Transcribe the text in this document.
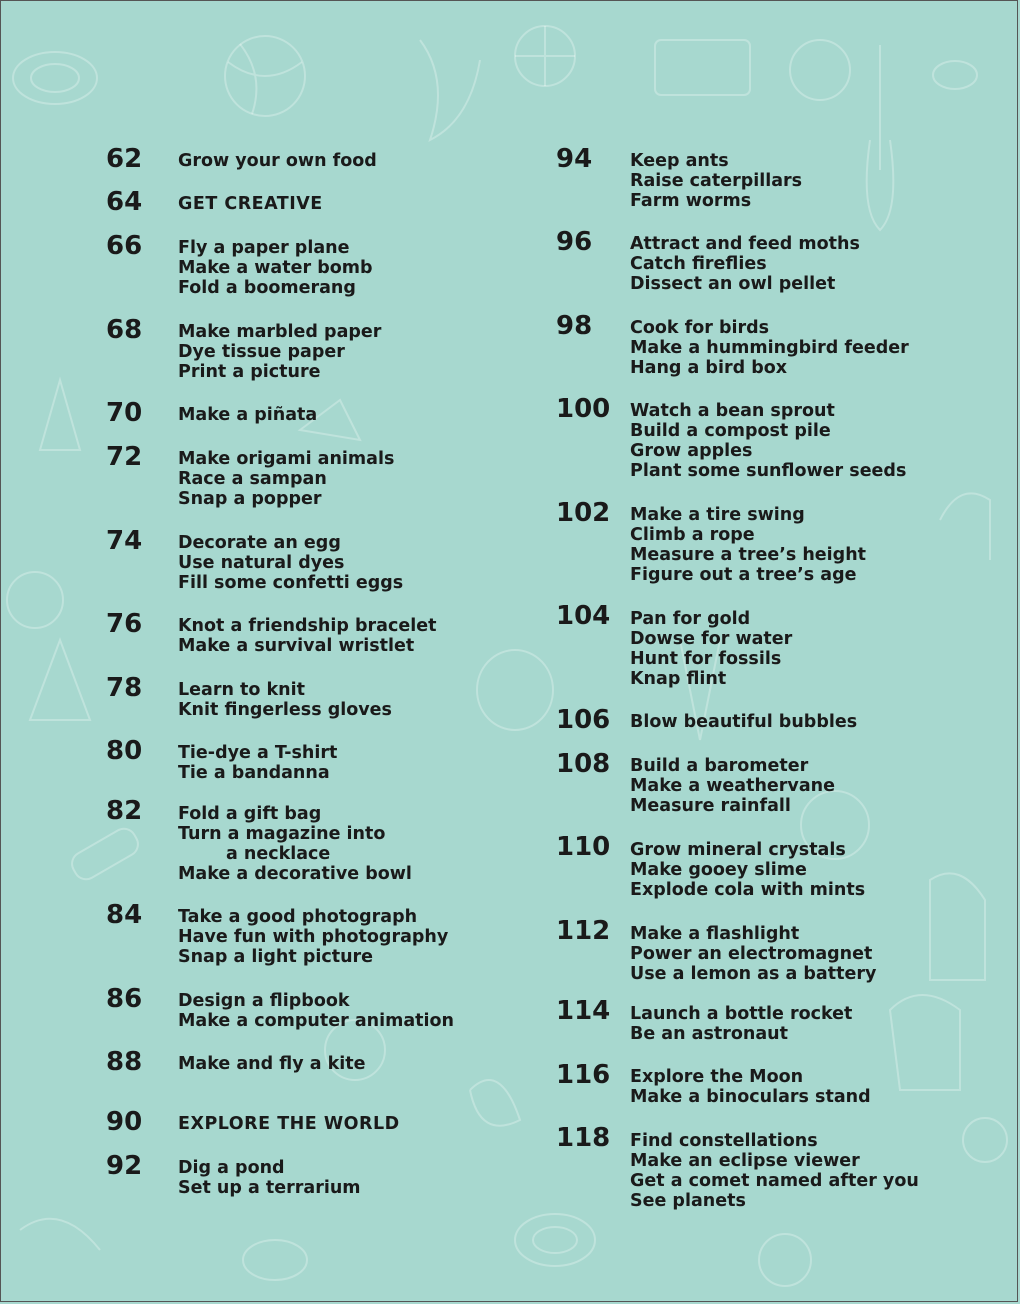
62 Grow your own food
64 GET CREATIVE
66 Fly a paper plane
Make a water bomb
Fold a boomerang
68 Make marbled paper
Dye tissue paper
Print a picture
70 Make a piñata
72 Make origami animals
Race a sampan
Snap a popper
74 Decorate an egg
Use natural dyes
Fill some confetti eggs
76 Knot a friendship bracelet
Make a survival wristlet
78 Learn to knit
Knit fingerless gloves
80 Tie-dye a T-shirt
Tie a bandanna
82 Fold a gift bag
Turn a magazine into
a necklace
Make a decorative bowl
84 Take a good photograph
Have fun with photography
Snap a light picture
86 Design a flipbook
Make a computer animation
88 Make and fly a kite
90 EXPLORE THE WORLD
92 Dig a pond
Set up a terrarium
94 Keep ants
Raise caterpillars
Farm worms
96 Attract and feed moths
Catch fireflies
Dissect an owl pellet
98 Cook for birds
Make a hummingbird feeder
Hang a bird box
100 Watch a bean sprout
Build a compost pile
Grow apples
Plant some sunflower seeds
102 Make a tire swing
Climb a rope
Measure a tree’s height
Figure out a tree’s age
104 Pan for gold
Dowse for water
Hunt for fossils
Knap flint
106 Blow beautiful bubbles
108 Build a barometer
Make a weathervane
Measure rainfall
110 Grow mineral crystals
Make gooey slime
Explode cola with mints
112 Make a flashlight
Power an electromagnet
Use a lemon as a battery
114 Launch a bottle rocket
Be an astronaut
116 Explore the Moon
Make a binoculars stand
118 Find constellations
Make an eclipse viewer
Get a comet named after you
See planets
